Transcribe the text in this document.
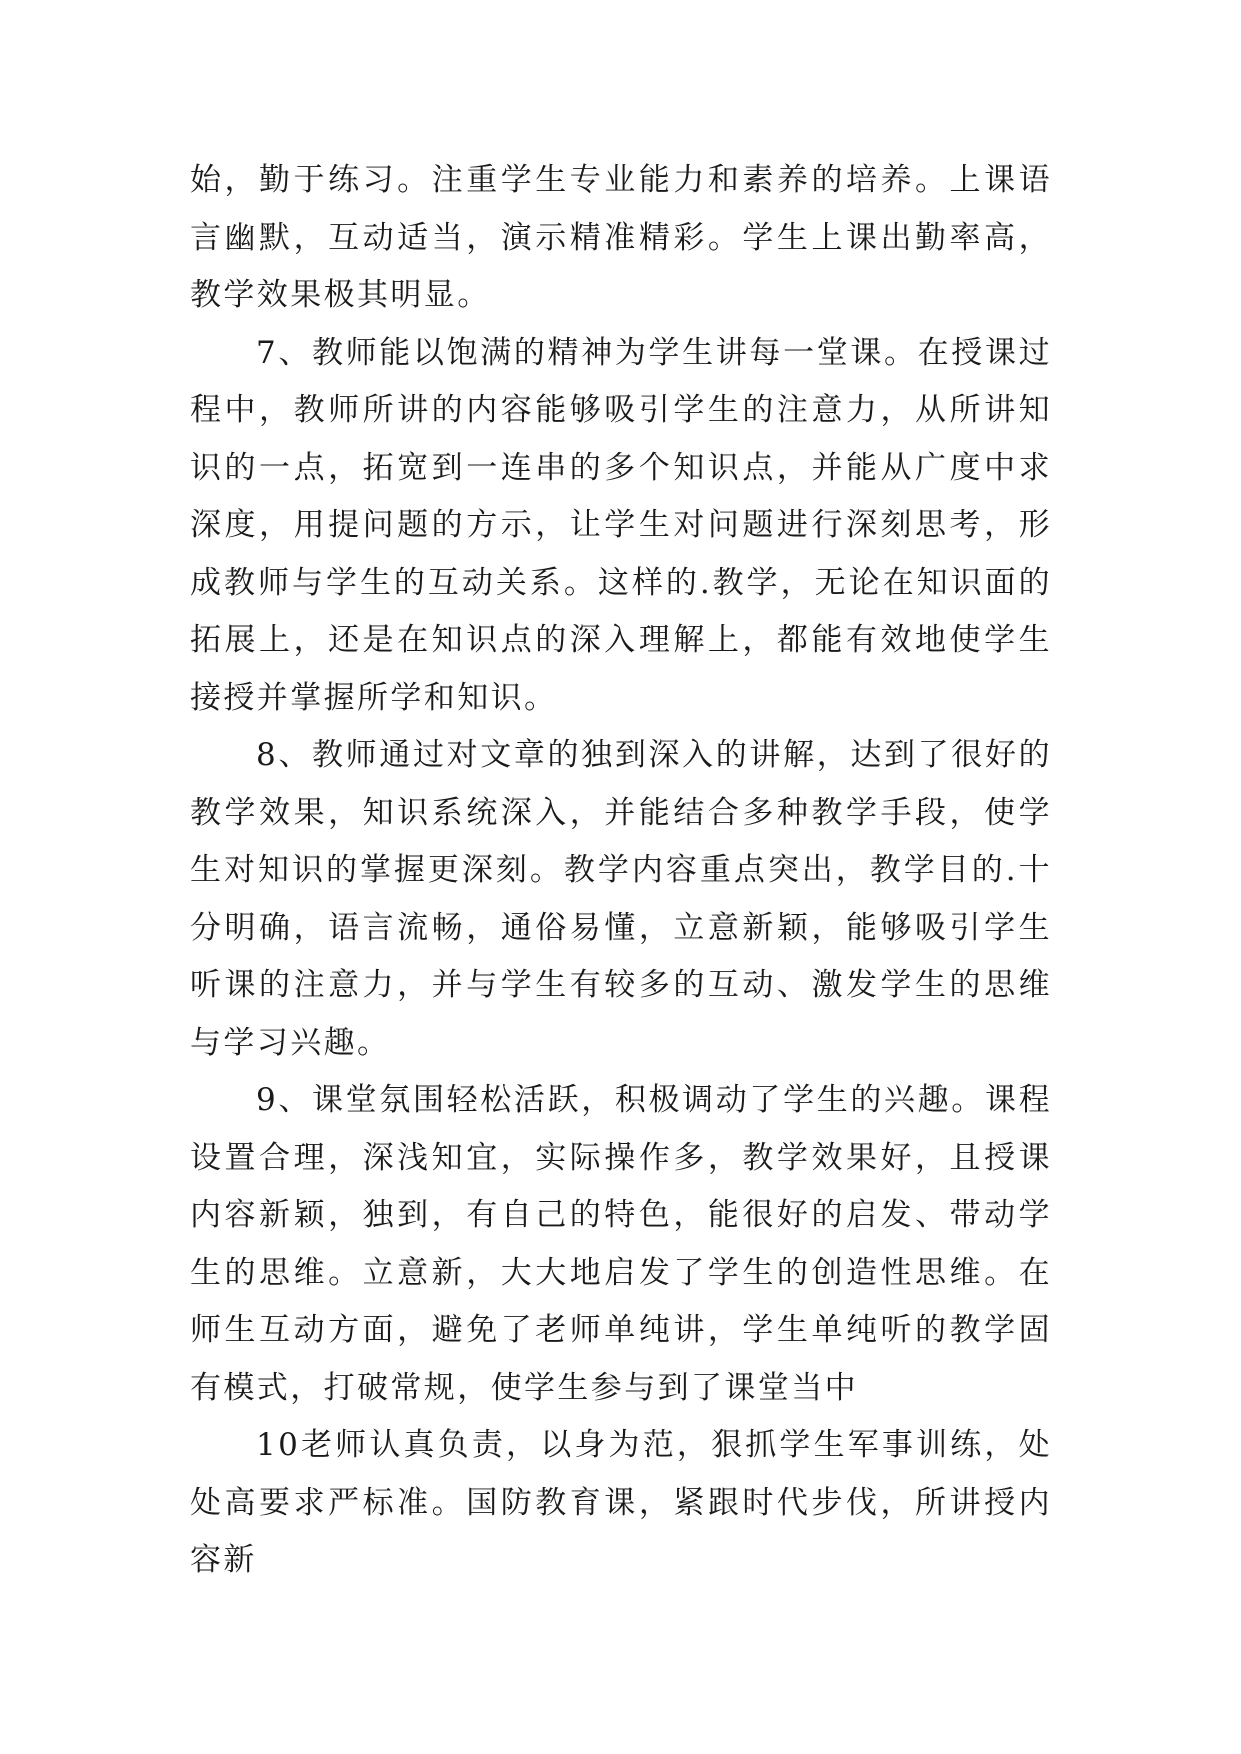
始，勤于练习。注重学生专业能力和素养的培养。上课语言幽默，互动适当，演示精准精彩。学生上课出勤率高，教学效果极其明显。

7、教师能以饱满的精神为学生讲每一堂课。在授课过程中，教师所讲的内容能够吸引学生的注意力，从所讲知识的一点，拓宽到一连串的多个知识点，并能从广度中求深度，用提问题的方示，让学生对问题进行深刻思考，形成教师与学生的互动关系。这样的.教学，无论在知识面的拓展上，还是在知识点的深入理解上，都能有效地使学生接授并掌握所学和知识。

8、教师通过对文章的独到深入的讲解，达到了很好的教学效果，知识系统深入，并能结合多种教学手段，使学生对知识的掌握更深刻。教学内容重点突出，教学目的.十分明确，语言流畅，通俗易懂，立意新颖，能够吸引学生听课的注意力，并与学生有较多的互动、激发学生的思维与学习兴趣。

9、课堂氛围轻松活跃，积极调动了学生的兴趣。课程设置合理，深浅知宜，实际操作多，教学效果好，且授课内容新颖，独到，有自己的特色，能很好的启发、带动学生的思维。立意新，大大地启发了学生的创造性思维。在师生互动方面，避免了老师单纯讲，学生单纯听的教学固有模式，打破常规，使学生参与到了课堂当中

10老师认真负责，以身为范，狠抓学生军事训练，处处高要求严标准。国防教育课，紧跟时代步伐，所讲授内容新
